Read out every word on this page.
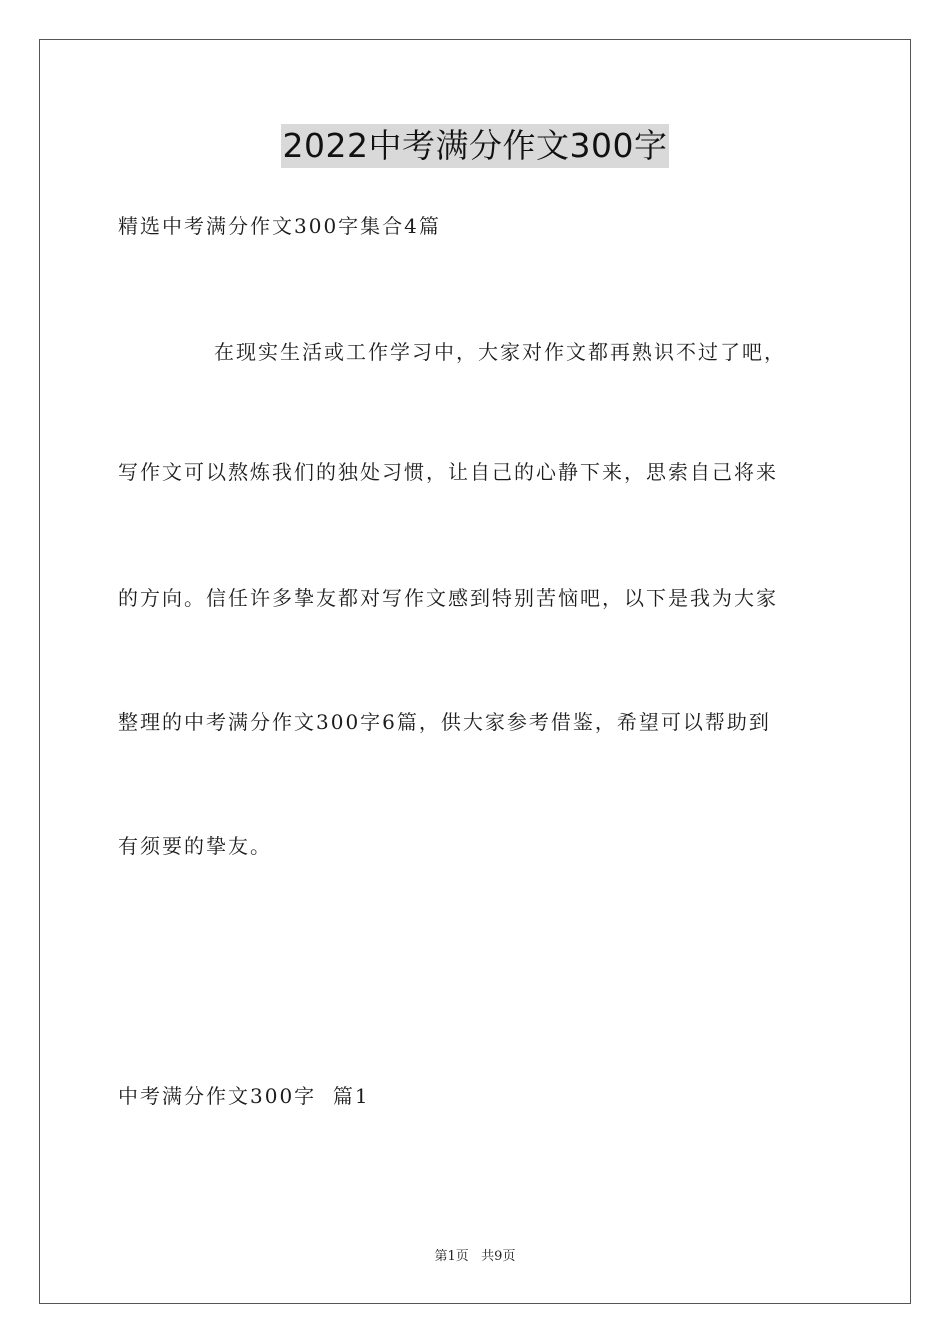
2022中考满分作文300字
精选中考满分作文300字集合4篇
在现实生活或工作学习中，大家对作文都再熟识不过了吧，
写作文可以熬炼我们的独处习惯，让自己的心静下来，思索自己将来
的方向。信任许多挚友都对写作文感到特别苦恼吧，以下是我为大家
整理的中考满分作文300字6篇，供大家参考借鉴，希望可以帮助到
有须要的挚友。
中考满分作文300字  篇1
第1页   共9页
